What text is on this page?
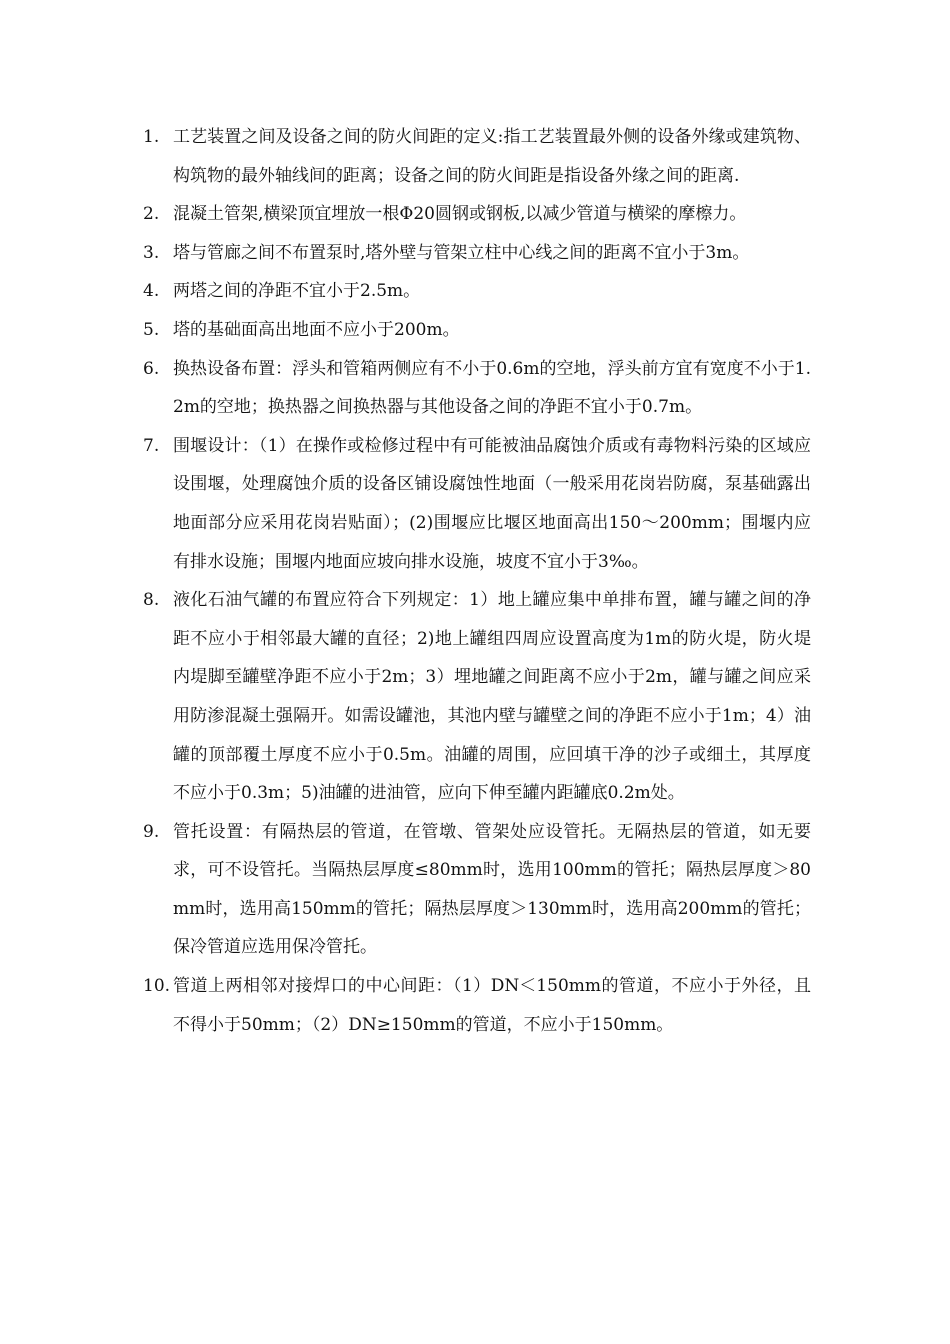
1. 工艺装置之间及设备之间的防火间距的定义:指工艺装置最外侧的设备外缘或建筑物、构筑物的最外轴线间的距离；设备之间的防火间距是指设备外缘之间的距离.
2. 混凝土管架,横梁顶宜埋放一根Φ20圆钢或钢板,以减少管道与横梁的摩檫力。
3. 塔与管廊之间不布置泵时,塔外壁与管架立柱中心线之间的距离不宜小于3m。
4. 两塔之间的净距不宜小于2.5m。
5. 塔的基础面高出地面不应小于200m。
6. 换热设备布置：浮头和管箱两侧应有不小于0.6m的空地，浮头前方宜有宽度不小于1.2m的空地；换热器之间换热器与其他设备之间的净距不宜小于0.7m。
7. 围堰设计：（1）在操作或检修过程中有可能被油品腐蚀介质或有毒物料污染的区域应设围堰，处理腐蚀介质的设备区铺设腐蚀性地面（一般采用花岗岩防腐，泵基础露出地面部分应采用花岗岩贴面）；(2)围堰应比堰区地面高出150～200mm；围堰内应有排水设施；围堰内地面应坡向排水设施，坡度不宜小于3‰。
8. 液化石油气罐的布置应符合下列规定：1）地上罐应集中单排布置，罐与罐之间的净距不应小于相邻最大罐的直径；2)地上罐组四周应设置高度为1m的防火堤，防火堤内堤脚至罐壁净距不应小于2m；3）埋地罐之间距离不应小于2m，罐与罐之间应采用防渗混凝土强隔开。如需设罐池，其池内壁与罐壁之间的净距不应小于1m；4）油罐的顶部覆土厚度不应小于0.5m。油罐的周围，应回填干净的沙子或细土，其厚度不应小于0.3m；5)油罐的进油管，应向下伸至罐内距罐底0.2m处。
9. 管托设置：有隔热层的管道，在管墩、管架处应设管托。无隔热层的管道，如无要求，可不设管托。当隔热层厚度≤80mm时，选用100mm的管托；隔热层厚度＞80mm时，选用高150mm的管托；隔热层厚度＞130mm时，选用高200mm的管托；保冷管道应选用保冷管托。
10. 管道上两相邻对接焊口的中心间距：（1）DN＜150mm的管道，不应小于外径，且不得小于50mm；（2）DN≥150mm的管道，不应小于150mm。
